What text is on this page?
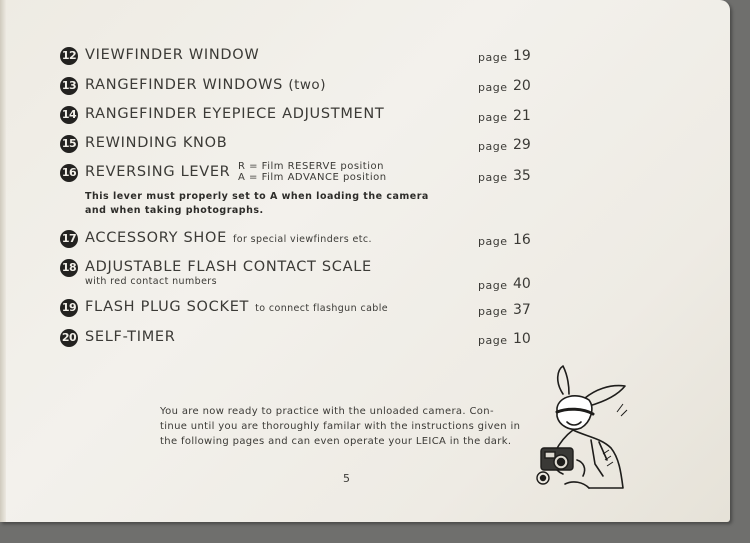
12 VIEWFINDER WINDOW	page 19
13 RANGEFINDER WINDOWS (two)	page 20
14 RANGEFINDER EYEPIECE ADJUSTMENT	page 21
15 REWINDING KNOB	page 29
16 REVERSING LEVER R = Film RESERVE position
A = Film ADVANCE position	page 35
This lever must properly set to A when loading the camera
and when taking photographs.
17 ACCESSORY SHOE for special viewfinders etc.	page 16
18 ADJUSTABLE FLASH CONTACT SCALE
with red contact numbers	page 40
19 FLASH PLUG SOCKET to connect flashgun cable	page 37
20 SELF-TIMER	page 10
You are now ready to practice with the unloaded camera. Con-
tinue until you are thoroughly familar with the instructions given in
the following pages and can even operate your LEICA in the dark.
5
